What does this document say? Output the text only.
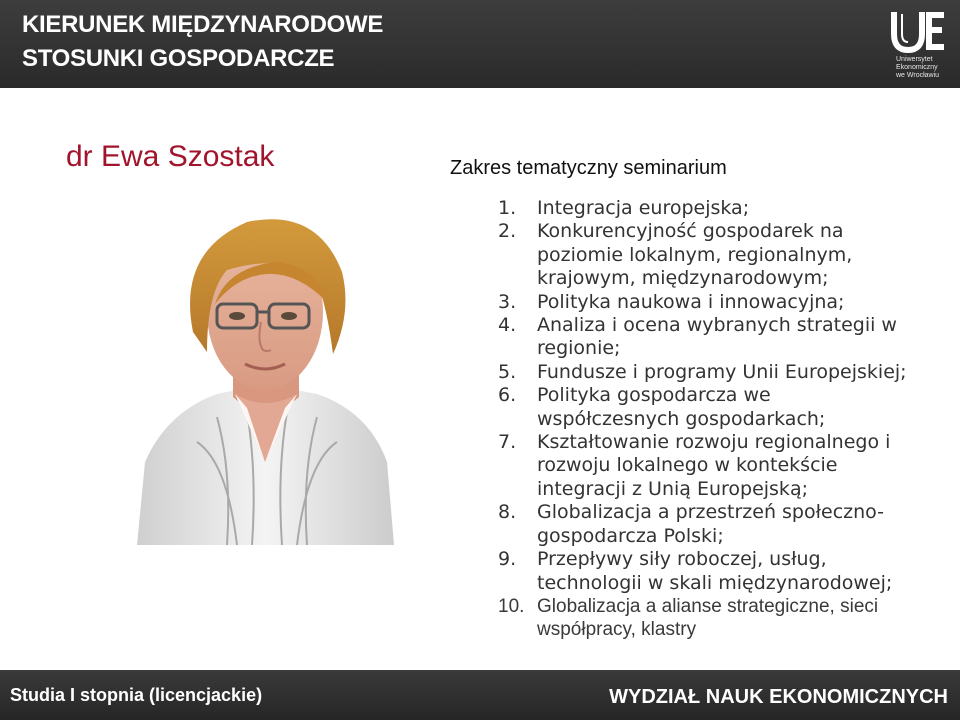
KIERUNEK MIĘDZYNARODOWE
STOSUNKI GOSPODARCZE	Uniwersytet
Ekonomiczny
we Wrocławiu
dr Ewa Szostak	Zakres tematyczny seminarium
1. Integracja europejska;
2. Konkurencyjność gospodarek na poziomie lokalnym, regionalnym, krajowym, międzynarodowym;
3. Polityka naukowa i innowacyjna;
4. Analiza i ocena wybranych strategii w regionie;
5. Fundusze i programy Unii Europejskiej;
6. Polityka gospodarcza we współczesnych gospodarkach;
7. Kształtowanie rozwoju regionalnego i rozwoju lokalnego w kontekście integracji z Unią Europejską;
8. Globalizacja a przestrzeń społeczno-gospodarcza Polski;
9. Przepływy siły roboczej, usług, technologii w skali międzynarodowej;
10. Globalizacja a alianse strategiczne, sieci współpracy, klastry
Studia I stopnia (licencjackie)	WYDZIAŁ NAUK EKONOMICZNYCH
